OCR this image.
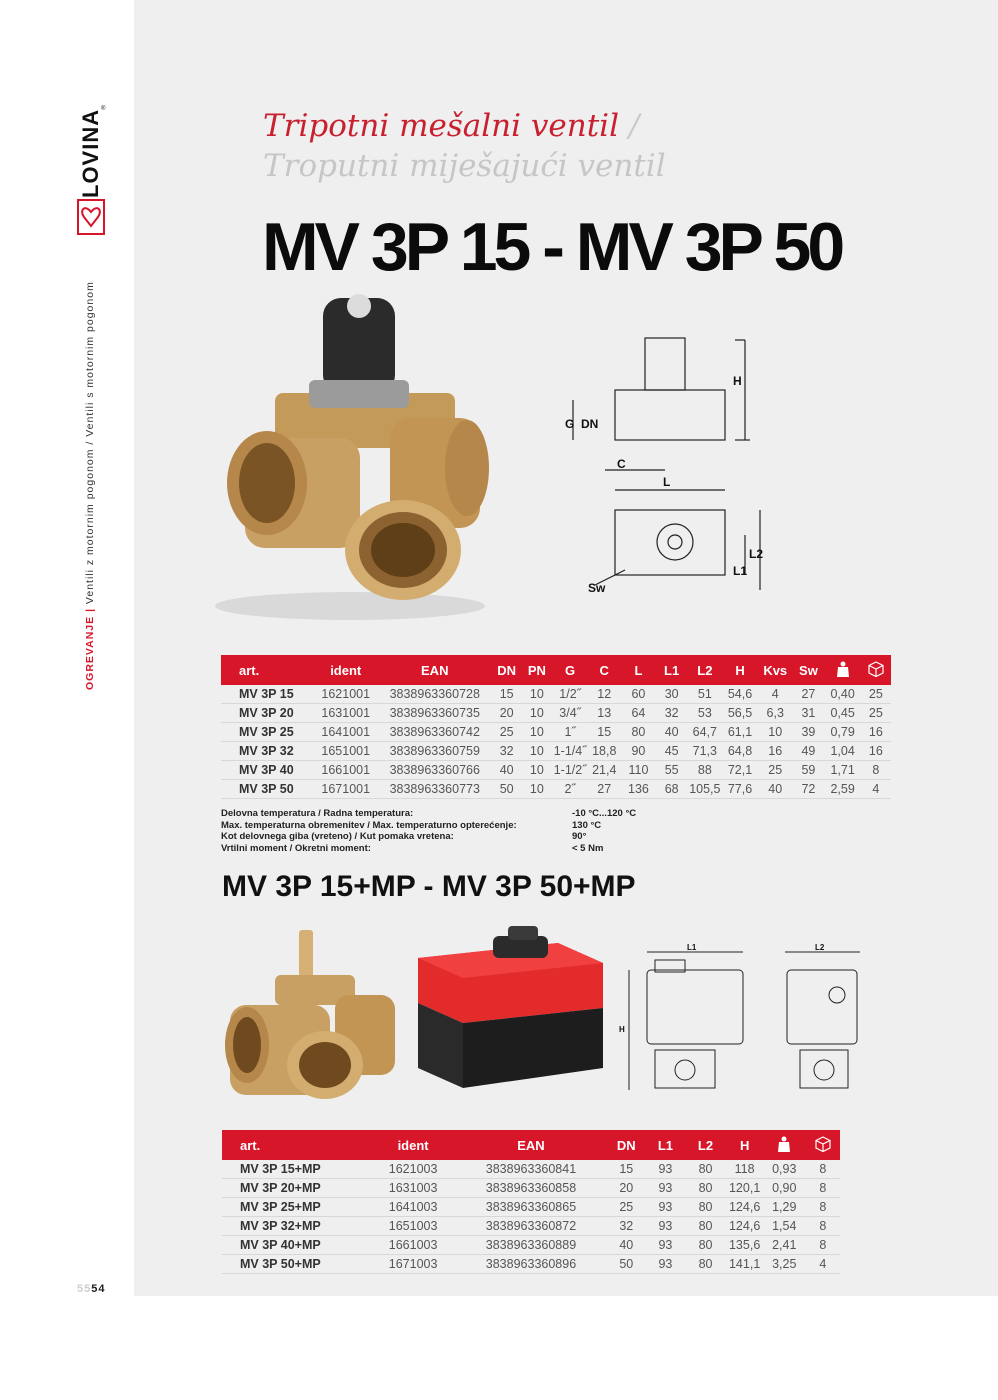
LOVINA
®
OGREVANJE | Ventili z motornim pogonom / Ventili s motornim pogonom
5554
Tripotni mešalni ventil /
Troputni miješajući ventil
MV 3P 15 - MV 3P 50
H
G DN
C
L
L1
L2
Sw
art.	ident	EAN	DN	PN	G	C	L	L1	L2	H	Kvs	Sw		
MV 3P 15	1621001	3838963360728	15	10	1/2˝	12	60	30	51	54,6	4	27	0,40	25
MV 3P 20	1631001	3838963360735	20	10	3/4˝	13	64	32	53	56,5	6,3	31	0,45	25
MV 3P 25	1641001	3838963360742	25	10	1˝	15	80	40	64,7	61,1	10	39	0,79	16
MV 3P 32	1651001	3838963360759	32	10	1-1/4˝	18,8	90	45	71,3	64,8	16	49	1,04	16
MV 3P 40	1661001	3838963360766	40	10	1-1/2˝	21,4	110	55	88	72,1	25	59	1,71	8
MV 3P 50	1671001	3838963360773	50	10	2˝	27	136	68	105,5	77,6	40	72	2,59	4
Delovna temperatura / Radna temperatura:	-10 °C...120 °C
Max. temperaturna obremenitev / Max. temperaturno opterećenje:	130 °C
Kot delovnega giba (vreteno) / Kut pomaka vretena:	90°
Vrtilni moment / Okretni moment:	< 5 Nm
MV 3P 15+MP - MV 3P 50+MP
L1	L2
H
art.	ident	EAN	DN	L1	L2	H		
MV 3P 15+MP	1621003	3838963360841	15	93	80	118	0,93	8
MV 3P 20+MP	1631003	3838963360858	20	93	80	120,1	0,90	8
MV 3P 25+MP	1641003	3838963360865	25	93	80	124,6	1,29	8
MV 3P 32+MP	1651003	3838963360872	32	93	80	124,6	1,54	8
MV 3P 40+MP	1661003	3838963360889	40	93	80	135,6	2,41	8
MV 3P 50+MP	1671003	3838963360896	50	93	80	141,1	3,25	4
